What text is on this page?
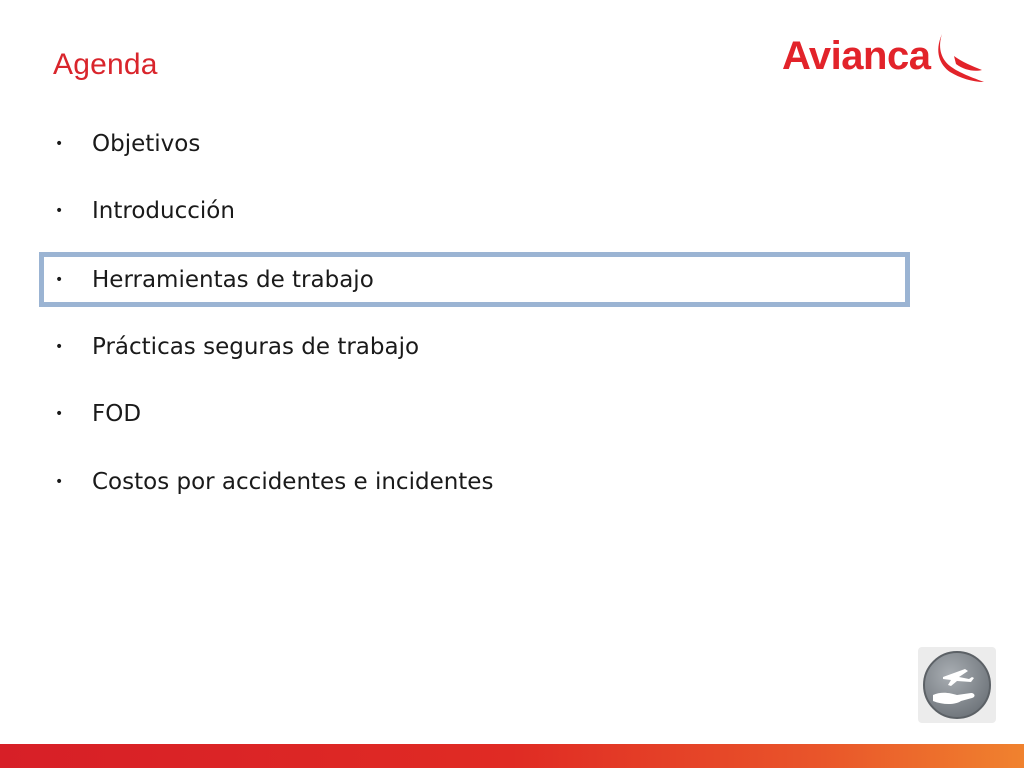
Agenda	Avianca
•	Objetivos
•	Introducción
•	Herramientas de trabajo
•	Prácticas seguras de trabajo
•	FOD
•	Costos por accidentes e incidentes
